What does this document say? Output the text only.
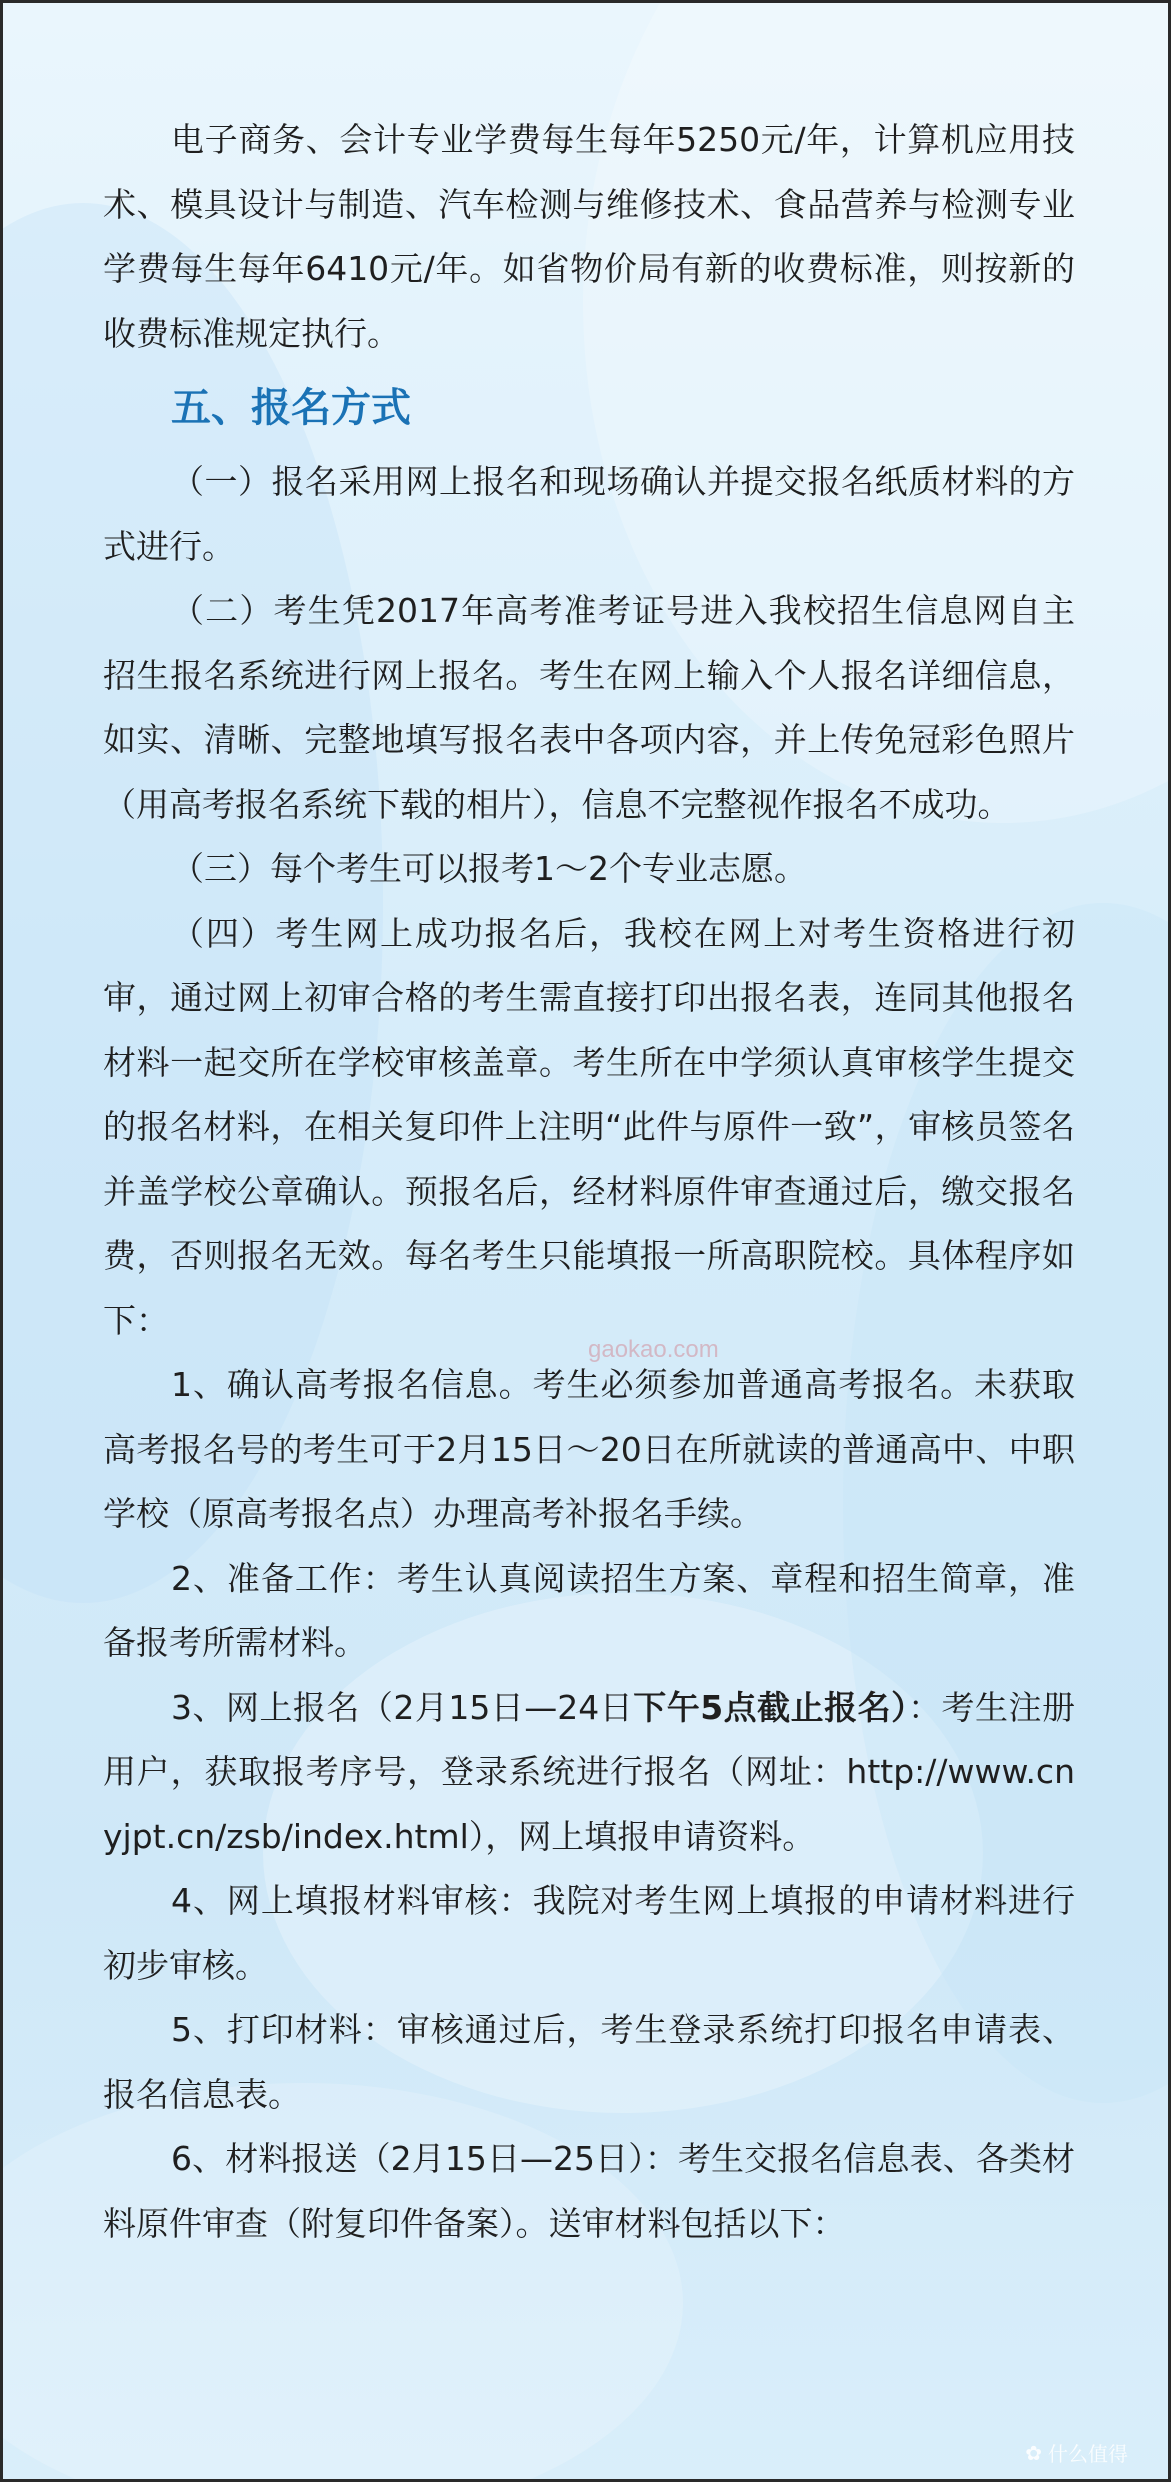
电子商务、会计专业学费每生每年5250元/年，计算机应用技术、模具设计与制造、汽车检测与维修技术、食品营养与检测专业学费每生每年6410元/年。如省物价局有新的收费标准，则按新的收费标准规定执行。

五、报名方式

（一）报名采用网上报名和现场确认并提交报名纸质材料的方式进行。

（二）考生凭2017年高考准考证号进入我校招生信息网自主招生报名系统进行网上报名。考生在网上输入个人报名详细信息，如实、清晰、完整地填写报名表中各项内容，并上传免冠彩色照片（用高考报名系统下载的相片），信息不完整视作报名不成功。

（三）每个考生可以报考1～2个专业志愿。

（四）考生网上成功报名后，我校在网上对考生资格进行初审，通过网上初审合格的考生需直接打印出报名表，连同其他报名材料一起交所在学校审核盖章。考生所在中学须认真审核学生提交的报名材料，在相关复印件上注明“此件与原件一致”，审核员签名并盖学校公章确认。预报名后，经材料原件审查通过后，缴交报名费，否则报名无效。每名考生只能填报一所高职院校。具体程序如下：

1、确认高考报名信息。考生必须参加普通高考报名。未获取高考报名号的考生可于2月15日～20日在所就读的普通高中、中职学校（原高考报名点）办理高考补报名手续。

2、准备工作：考生认真阅读招生方案、章程和招生简章，准备报考所需材料。

3、网上报名（2月15日—24日下午5点截止报名）：考生注册用户，获取报考序号，登录系统进行报名（网址：http://www.cnyjpt.cn/zsb/index.html），网上填报申请资料。

4、网上填报材料审核：我院对考生网上填报的申请材料进行初步审核。

5、打印材料：审核通过后，考生登录系统打印报名申请表、报名信息表。

6、材料报送（2月15日—25日）：考生交报名信息表、各类材料原件审查（附复印件备案）。送审材料包括以下：

gaokao.com
✿ 什么值得
